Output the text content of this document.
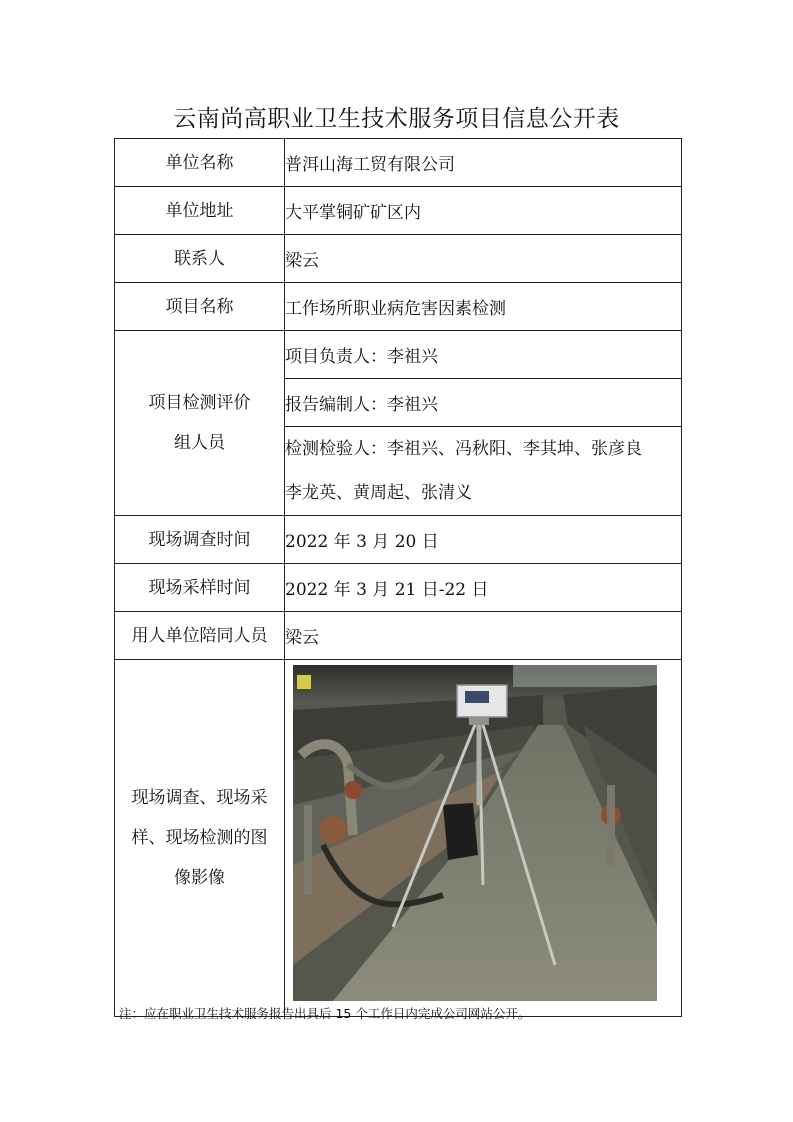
云南尚高职业卫生技术服务项目信息公开表
单位名称	普洱山海工贸有限公司
单位地址	大平掌铜矿矿区内
联系人	梁云
项目名称	工作场所职业病危害因素检测

项目检测评价
组人员	项目负责人：李祖兴
	报告编制人：李祖兴

	检测检验人：李祖兴、冯秋阳、李其坤、张彦良
李龙英、黄周起、张清义

现场调查时间	2022 年 3 月 20 日
现场采样时间	2022 年 3 月 21 日-22 日
用人单位陪同人员	梁云

现场调查、现场采
样、现场检测的图
像影像

注：应在职业卫生技术服务报告出具后 15 个工作日内完成公司网站公开。
